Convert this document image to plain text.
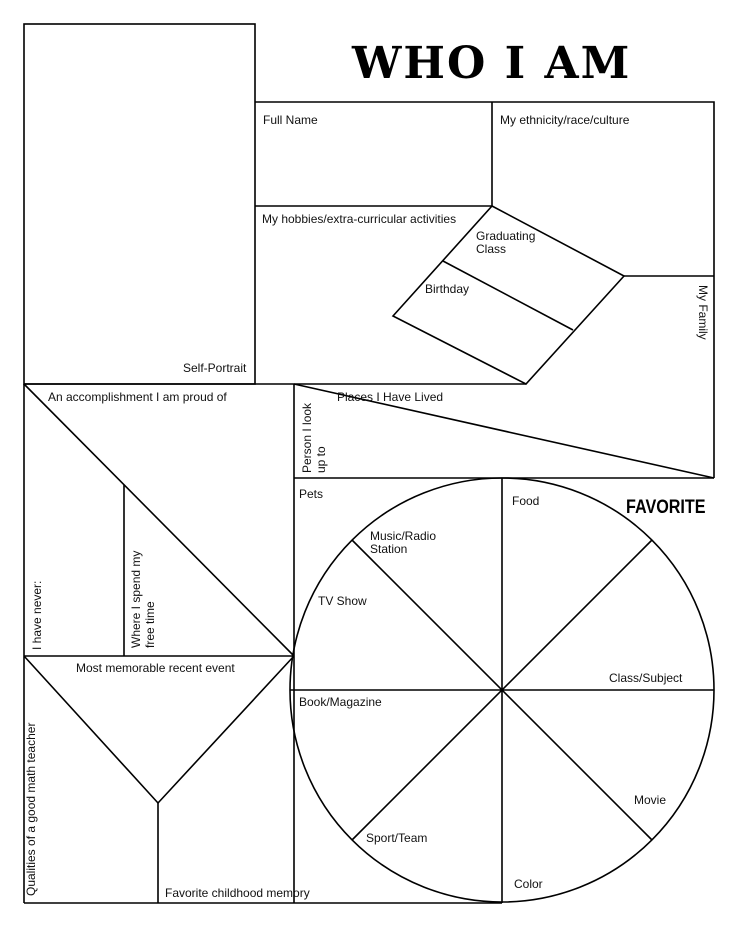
WHO I AM
Self-Portrait
Full Name	My ethnicity/race/culture
My hobbies/extra-curricular activities
Graduating
Class
Birthday	My Family
An accomplishment I am proud of
Person I look up to
Places I Have Lived
I have never:	Where I spend my free time
Pets
Most memorable recent event
Qualities of a good math teacher	Favorite childhood memory
FAVORITE
Food
Music/Radio
Station
TV Show
Class/Subject
Book/Magazine
Movie
Sport/Team
Color
